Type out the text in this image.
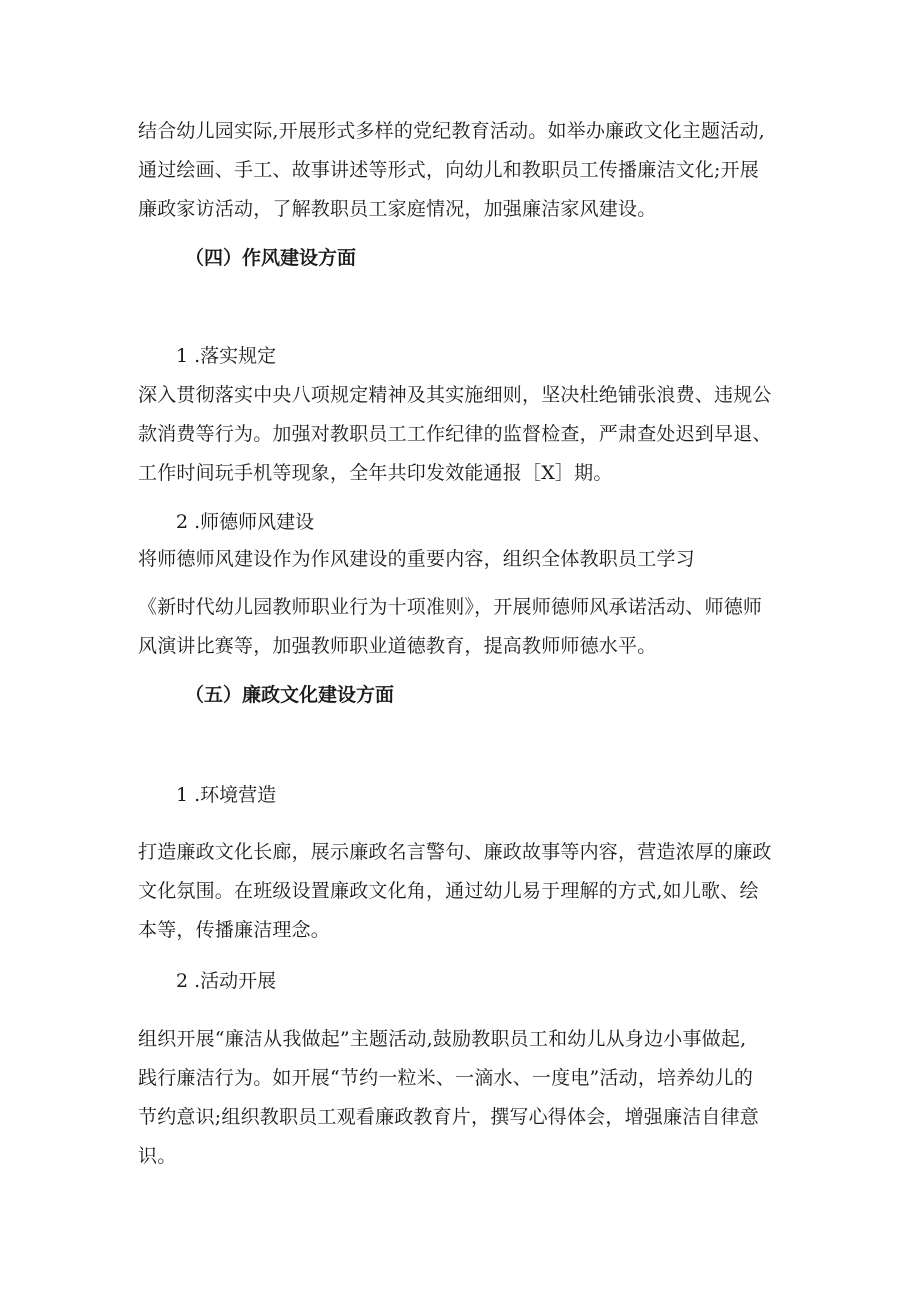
结合幼儿园实际,开展形式多样的党纪教育活动。如举办廉政文化主题活动,
通过绘画、手工、故事讲述等形式，向幼儿和教职员工传播廉洁文化;开展
廉政家访活动，了解教职员工家庭情况，加强廉洁家风建设。
（四）作风建设方面
1 .落实规定
深入贯彻落实中央八项规定精神及其实施细则，坚决杜绝铺张浪费、违规公
款消费等行为。加强对教职员工工作纪律的监督检查，严肃查处迟到早退、
工作时间玩手机等现象，全年共印发效能通报［X］期。
2 .师德师风建设
将师德师风建设作为作风建设的重要内容，组织全体教职员工学习
《新时代幼儿园教师职业行为十项准则》，开展师德师风承诺活动、师德师
风演讲比赛等，加强教师职业道德教育，提高教师师德水平。
（五）廉政文化建设方面
1 .环境营造
打造廉政文化长廊，展示廉政名言警句、廉政故事等内容，营造浓厚的廉政
文化氛围。在班级设置廉政文化角，通过幼儿易于理解的方式,如儿歌、绘
本等，传播廉洁理念。
2 .活动开展
组织开展“廉洁从我做起”主题活动,鼓励教职员工和幼儿从身边小事做起,
践行廉洁行为。如开展“节约一粒米、一滴水、一度电”活动，培养幼儿的
节约意识;组织教职员工观看廉政教育片，撰写心得体会，增强廉洁自律意
识。
